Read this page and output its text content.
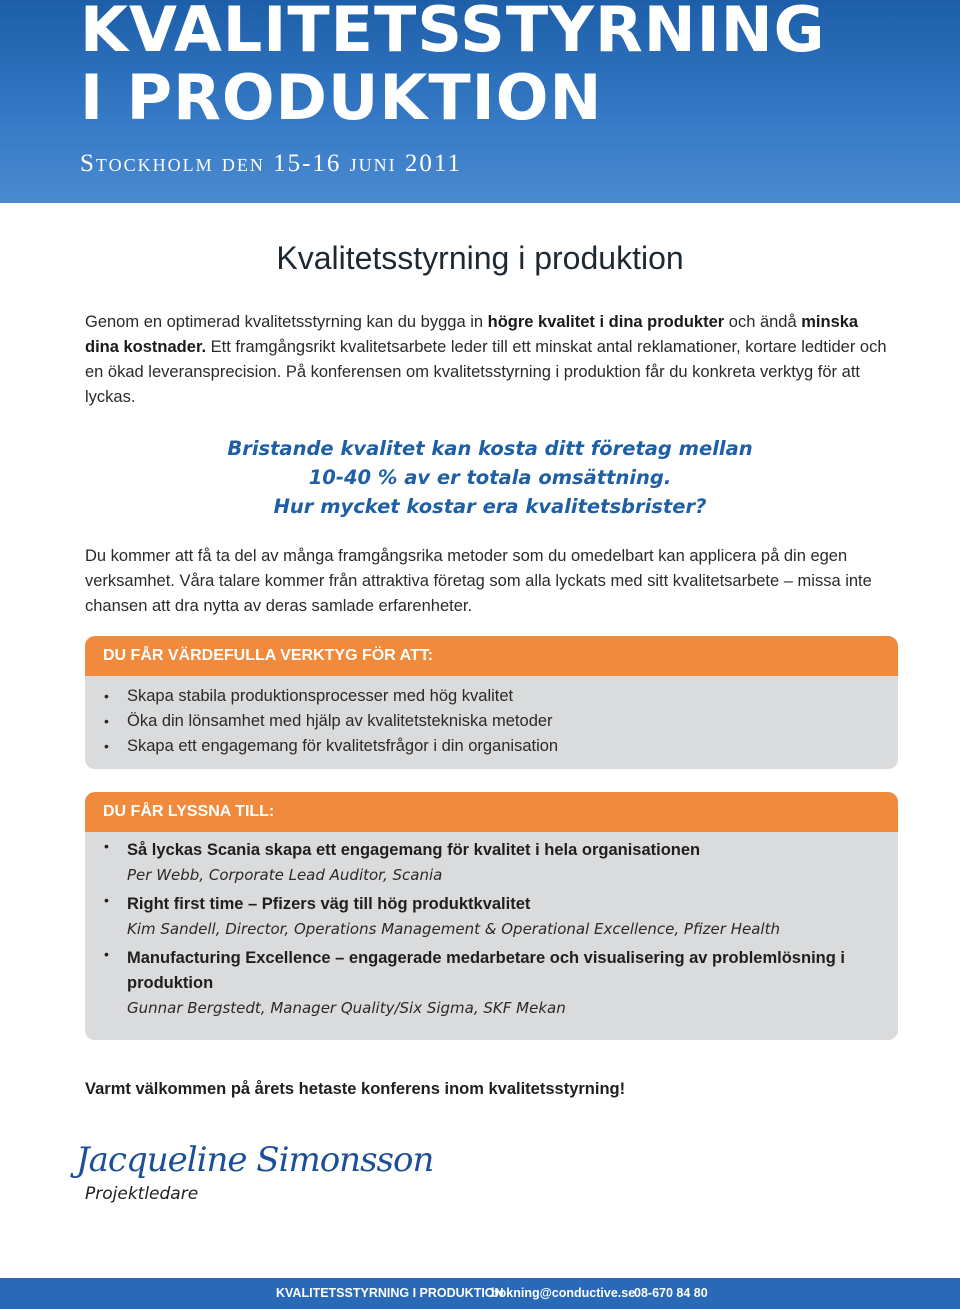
KVALITETSSTYRNING
I PRODUKTION

Stockholm den 15-16 juni 2011

Kvalitetsstyrning i produktion

Genom en optimerad kvalitetsstyrning kan du bygga in högre kvalitet i dina produkter och ändå minska dina kostnader. Ett framgångsrikt kvalitetsarbete leder till ett minskat antal reklamationer, kortare ledtider och en ökad leveransprecision. På konferensen om kvalitetsstyrning i produktion får du konkreta verktyg för att lyckas.

Bristande kvalitet kan kosta ditt företag mellan
10-40 % av er totala omsättning.
Hur mycket kostar era kvalitetsbrister?

Du kommer att få ta del av många framgångsrika metoder som du omedelbart kan applicera på din egen verksamhet. Våra talare kommer från attraktiva företag som alla lyckats med sitt kvalitetsarbete – missa inte chansen att dra nytta av deras samlade erfarenheter.

DU FÅR VÄRDEFULLA VERKTYG FÖR ATT:
• Skapa stabila produktionsprocesser med hög kvalitet
• Öka din lönsamhet med hjälp av kvalitetstekniska metoder
• Skapa ett engagemang för kvalitetsfrågor i din organisation
DU FÅR LYSSNA TILL:
• Så lyckas Scania skapa ett engagemang för kvalitet i hela organisationen
Per Webb, Corporate Lead Auditor, Scania
• Right first time – Pfizers väg till hög produktkvalitet
Kim Sandell, Director, Operations Management & Operational Excellence, Pfizer Health
• Manufacturing Excellence – engagerade medarbetare och visualisering av problemlösning i produktion
Gunnar Bergstedt, Manager Quality/Six Sigma, SKF Mekan

Varmt välkommen på årets hetaste konferens inom kvalitetsstyrning!

Jacqueline Simonsson

Projektledare

KVALITETSSTYRNING I PRODUKTION
bokning@conductive.se
08-670 84 80
